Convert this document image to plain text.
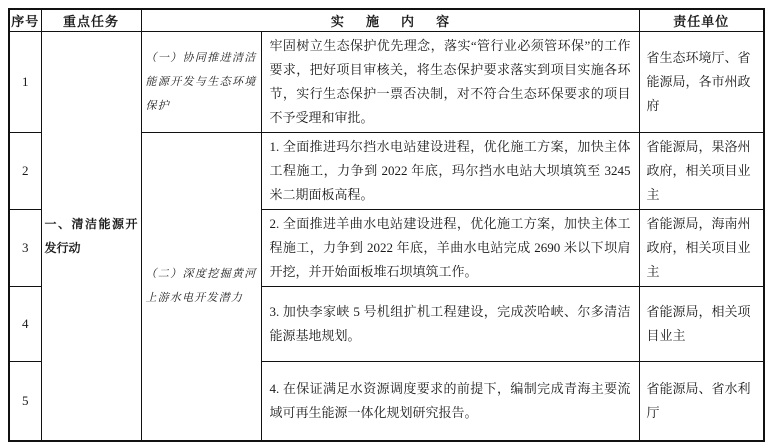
序号	重点任务	实施内容		责任单位
1	一、清洁能源开发行动	（一）协同推进清洁能源开发与生态环境保护	牢固树立生态保护优先理念，落实“管行业必须管环保”的工作要求，把好项目审核关，将生态保护要求落实到项目实施各环节，实行生态保护一票否决制，对不符合生态环保要求的项目不予受理和审批。	省生态环境厅、省能源局，各市州政府
2		（二）深度挖掘黄河上游水电开发潜力	1. 全面推进玛尔挡水电站建设进程，优化施工方案，加快主体工程施工，力争到 2022 年底，玛尔挡水电站大坝填筑至 3245 米二期面板高程。	省能源局，果洛州政府，相关项目业主
3			2. 全面推进羊曲水电站建设进程，优化施工方案，加快主体工程施工，力争到 2022 年底，羊曲水电站完成 2690 米以下坝肩开挖，并开始面板堆石坝填筑工作。	省能源局，海南州政府，相关项目业主
4			3. 加快李家峡 5 号机组扩机工程建设，完成茨哈峡、尔多清洁能源基地规划。	省能源局，相关项目业主
5			4. 在保证满足水资源调度要求的前提下，编制完成青海主要流域可再生能源一体化规划研究报告。	省能源局、省水利厅
